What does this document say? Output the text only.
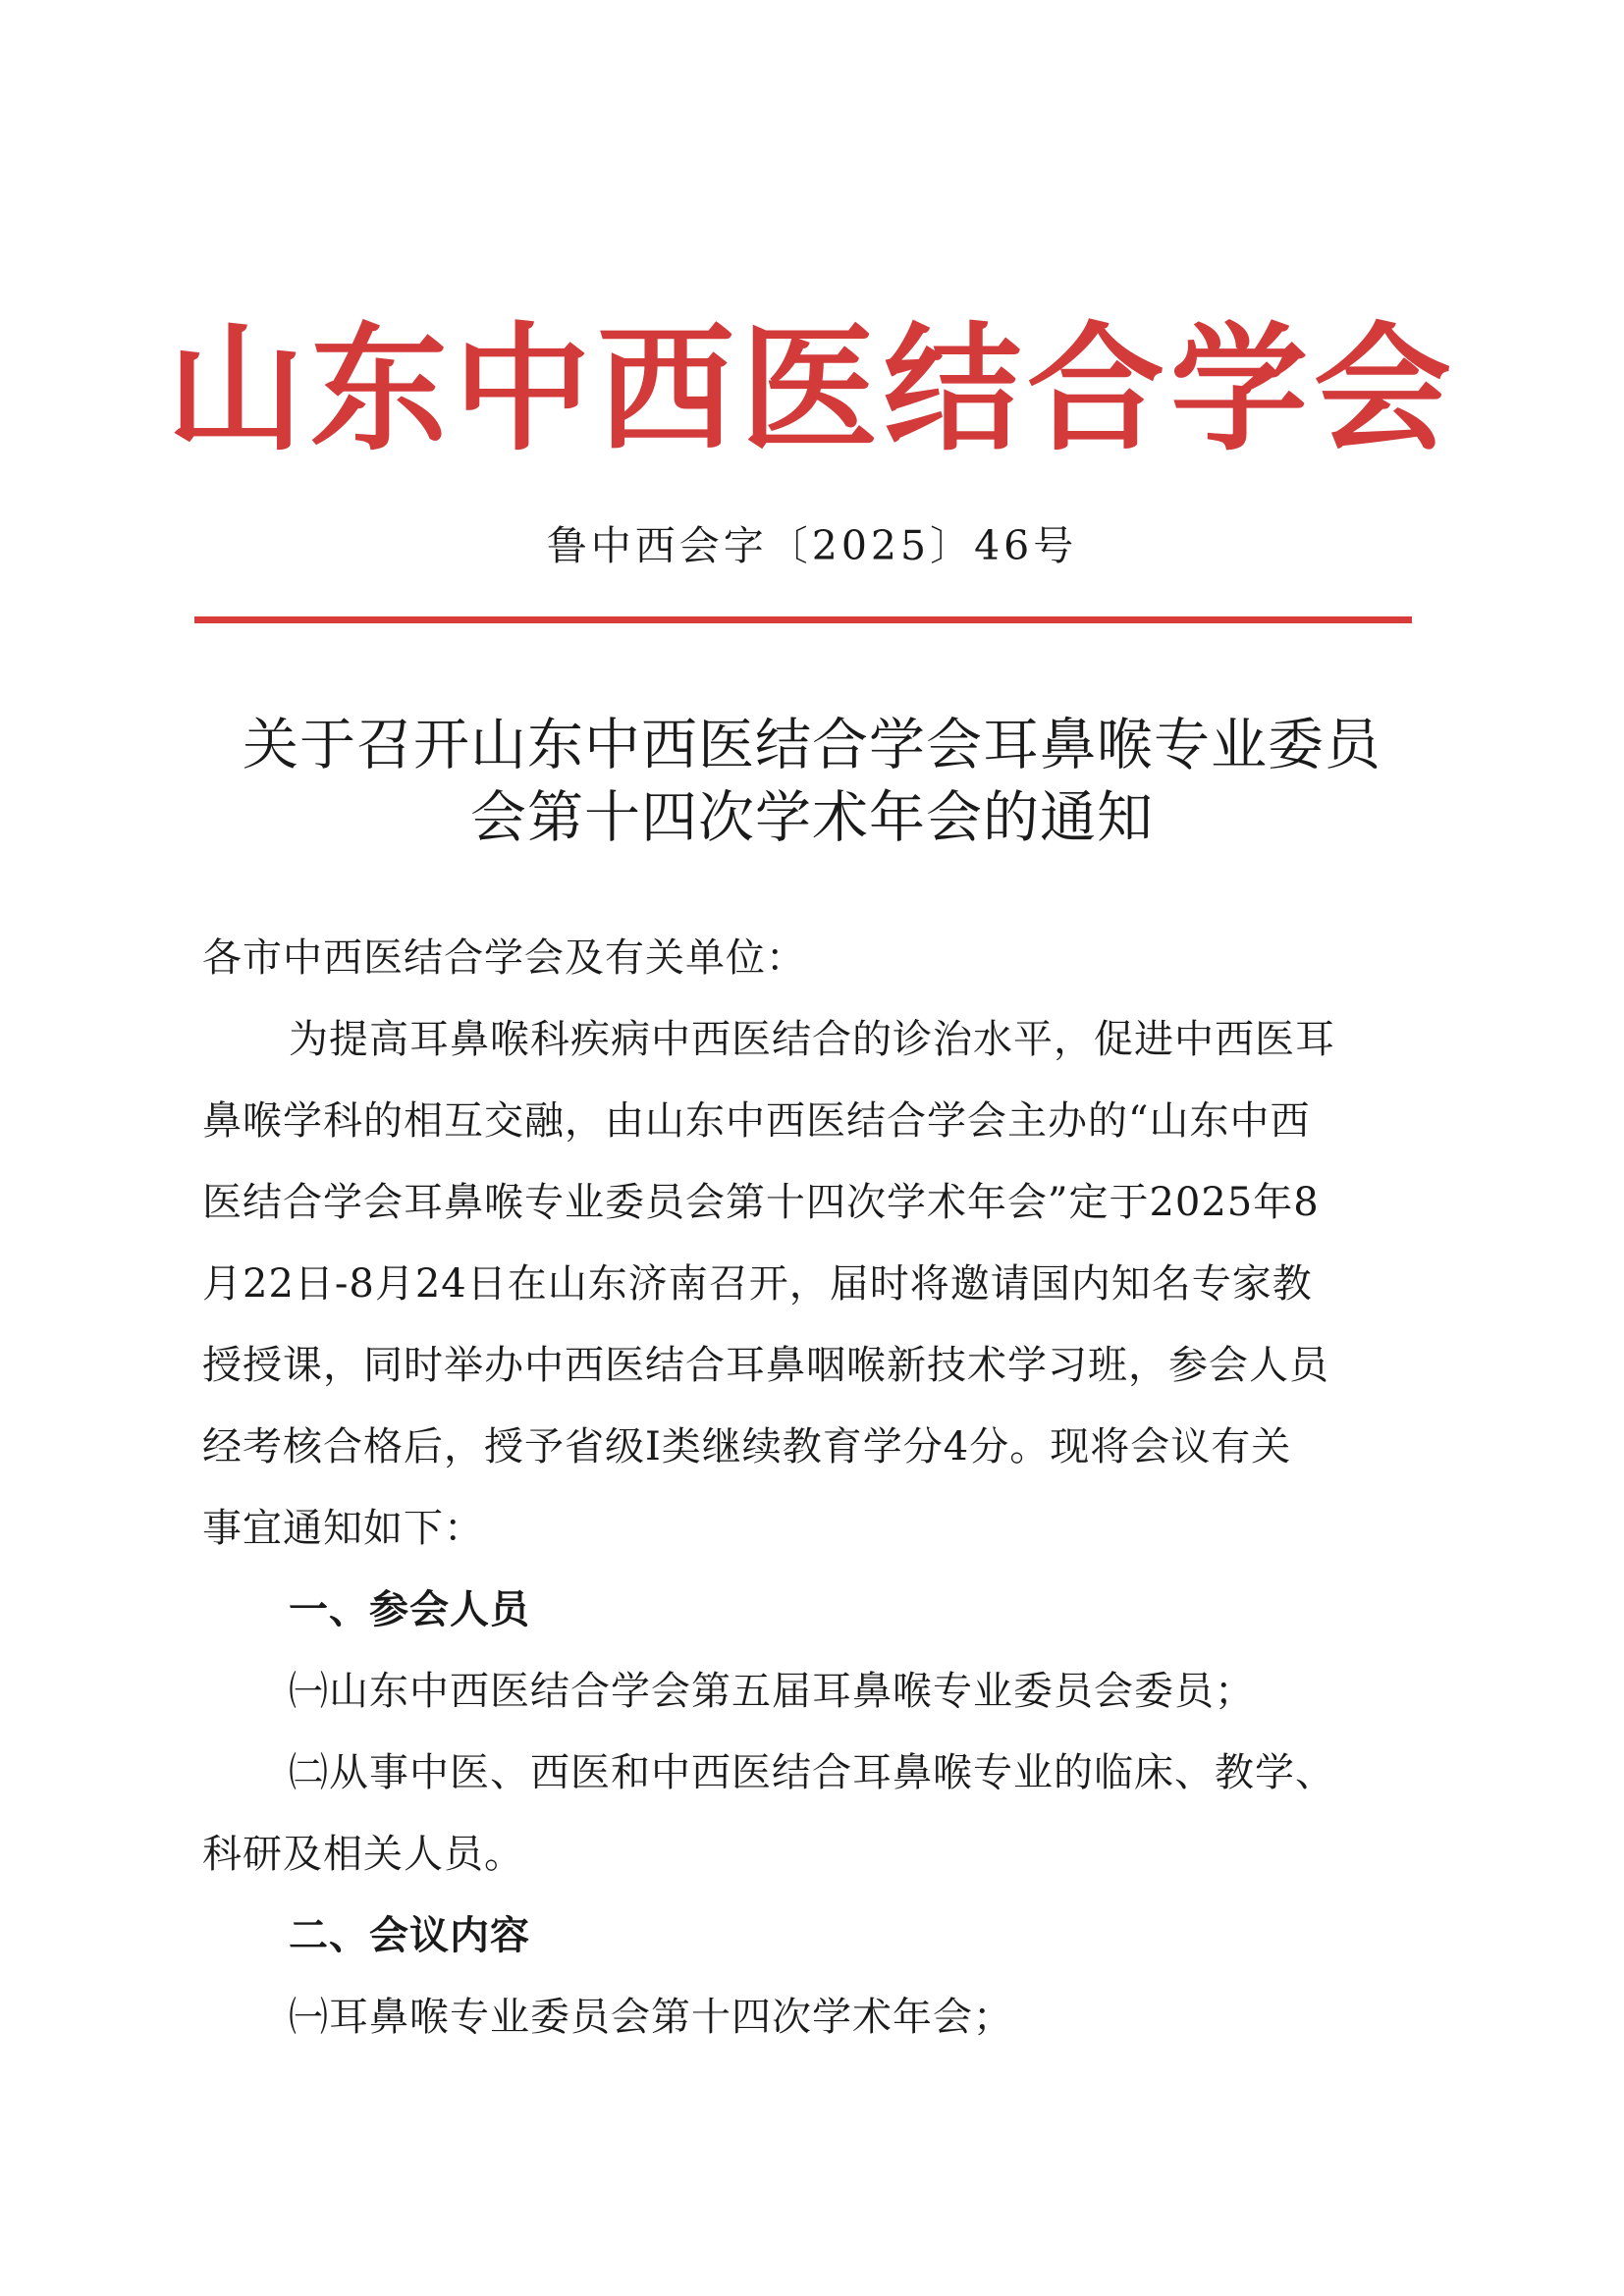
山东中西医结合学会
鲁中西会字〔2025〕46号
关于召开山东中西医结合学会耳鼻喉专业委员
会第十四次学术年会的通知
各市中西医结合学会及有关单位：
为提高耳鼻喉科疾病中西医结合的诊治水平，促进中西医耳
鼻喉学科的相互交融，由山东中西医结合学会主办的“山东中西
医结合学会耳鼻喉专业委员会第十四次学术年会”定于2025年8
月22日-8月24日在山东济南召开，届时将邀请国内知名专家教
授授课，同时举办中西医结合耳鼻咽喉新技术学习班，参会人员
经考核合格后，授予省级Ⅰ类继续教育学分4分。现将会议有关
事宜通知如下：
一、参会人员
㈠山东中西医结合学会第五届耳鼻喉专业委员会委员；
㈡从事中医、西医和中西医结合耳鼻喉专业的临床、教学、
科研及相关人员。
二、会议内容
㈠耳鼻喉专业委员会第十四次学术年会；
